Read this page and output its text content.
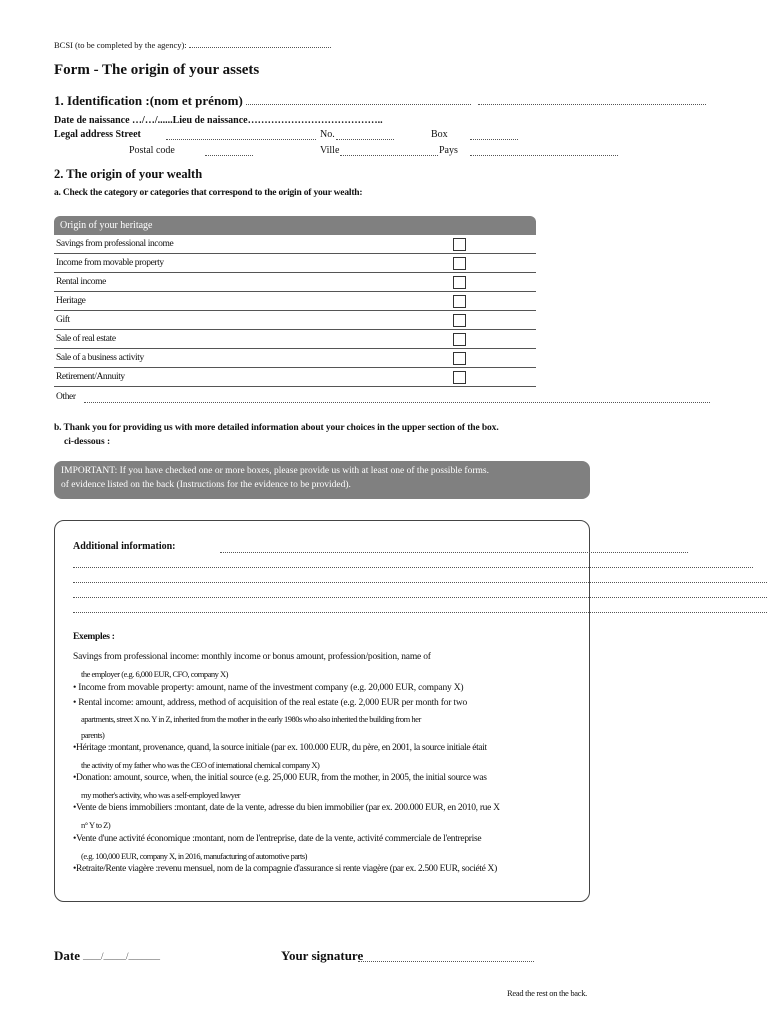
BCSI (to be completed by the agency):
Form - The origin of your assets
1. Identification :(nom et prénom)
Date de naissance …/…/......Lieu de naissance…………………………………..
Legal address Street	No.	Box
Postal code	Ville	Pays
2. The origin of your wealth
a. Check the category or categories that correspond to the origin of your wealth:
Origin of your heritage
Savings from professional income
Income from movable property
Rental income
Heritage
Gift
Sale of real estate
Sale of a business activity
Retirement/Annuity
Other
b. Thank you for providing us with more detailed information about your choices in the upper section of the box.
ci-dessous :
IMPORTANT: If you have checked one or more boxes, please provide us with at least one of the possible forms.
of evidence listed on the back (Instructions for the evidence to be provided).
Additional information:
Exemples :
Savings from professional income: monthly income or bonus amount, profession/position, name of
the employer (e.g. 6,000 EUR, CFO, company X)
• Income from movable property: amount, name of the investment company (e.g. 20,000 EUR, company X)
• Rental income: amount, address, method of acquisition of the real estate (e.g. 2,000 EUR per month for two
apartments, street X no. Y in Z, inherited from the mother in the early 1980s who also inherited the building from her
parents)
•Héritage :montant, provenance, quand, la source initiale (par ex. 100.000 EUR, du père, en 2001, la source initiale était
the activity of my father who was the CEO of international chemical company X)
•Donation: amount, source, when, the initial source (e.g. 25,000 EUR, from the mother, in 2005, the initial source was
my mother's activity, who was a self-employed lawyer
•Vente de biens immobiliers :montant, date de la vente, adresse du bien immobilier (par ex. 200.000 EUR, en 2010, rue X
n° Y to Z)
•Vente d'une activité économique :montant, nom de l'entreprise, date de la vente, activité commerciale de l'entreprise
(e.g. 100,000 EUR, company X, in 2016, manufacturing of automotive parts)
•Retraite/Rente viagère :revenu mensuel, nom de la compagnie d'assurance si rente viagère (par ex. 2.500 EUR, société X)
Date ____/_____/_______	Your signature
Read the rest on the back.
